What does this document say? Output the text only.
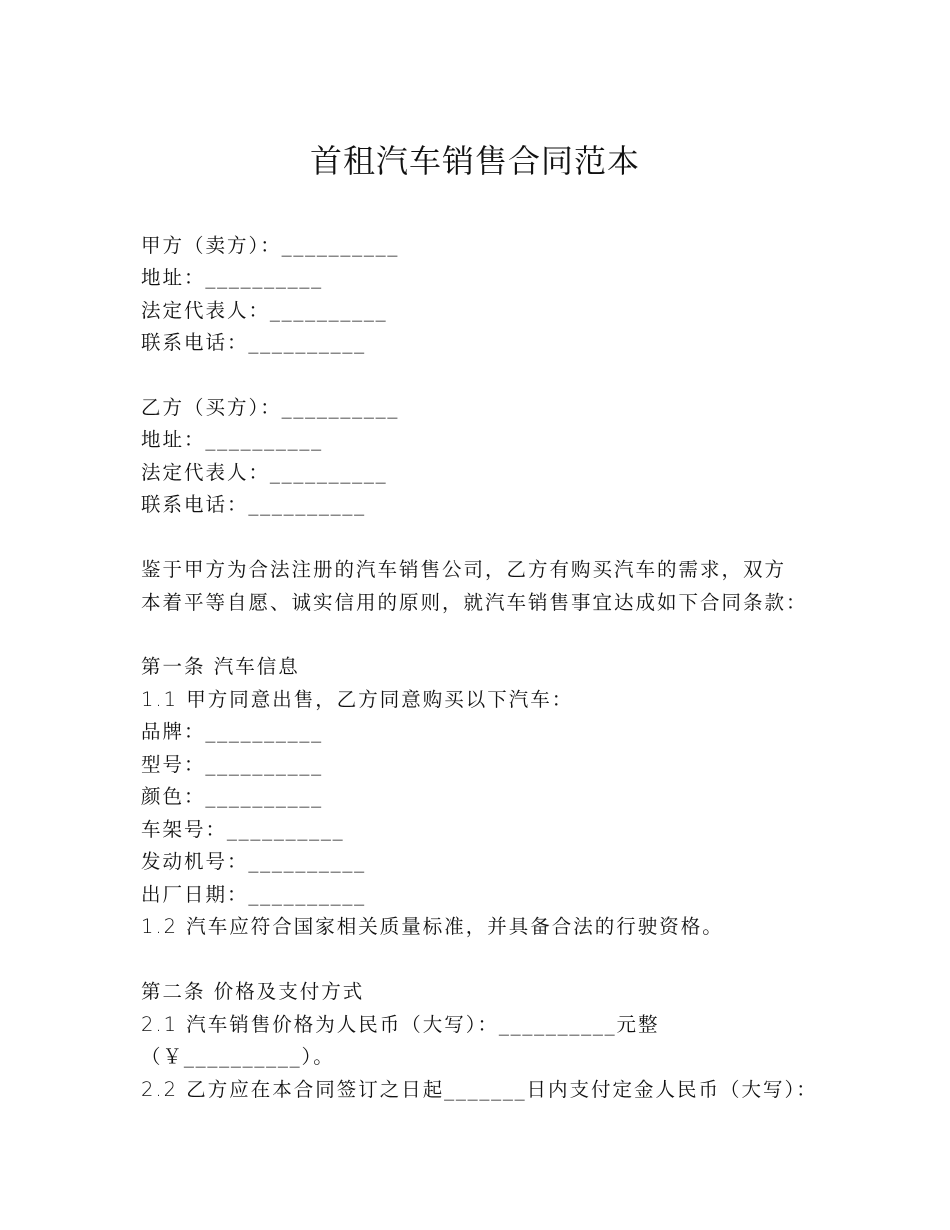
首租汽车销售合同范本
甲方（卖方）：__________
地址：__________
法定代表人：__________
联系电话：__________
乙方（买方）：__________
地址：__________
法定代表人：__________
联系电话：__________
鉴于甲方为合法注册的汽车销售公司，乙方有购买汽车的需求，双方
本着平等自愿、诚实信用的原则，就汽车销售事宜达成如下合同条款：
第一条 汽车信息
1.1 甲方同意出售，乙方同意购买以下汽车：
品牌：__________
型号：__________
颜色：__________
车架号：__________
发动机号：__________
出厂日期：__________
1.2 汽车应符合国家相关质量标准，并具备合法的行驶资格。
第二条 价格及支付方式
2.1 汽车销售价格为人民币（大写）：__________元整
（￥__________）。
2.2 乙方应在本合同签订之日起_______日内支付定金人民币（大写）：
